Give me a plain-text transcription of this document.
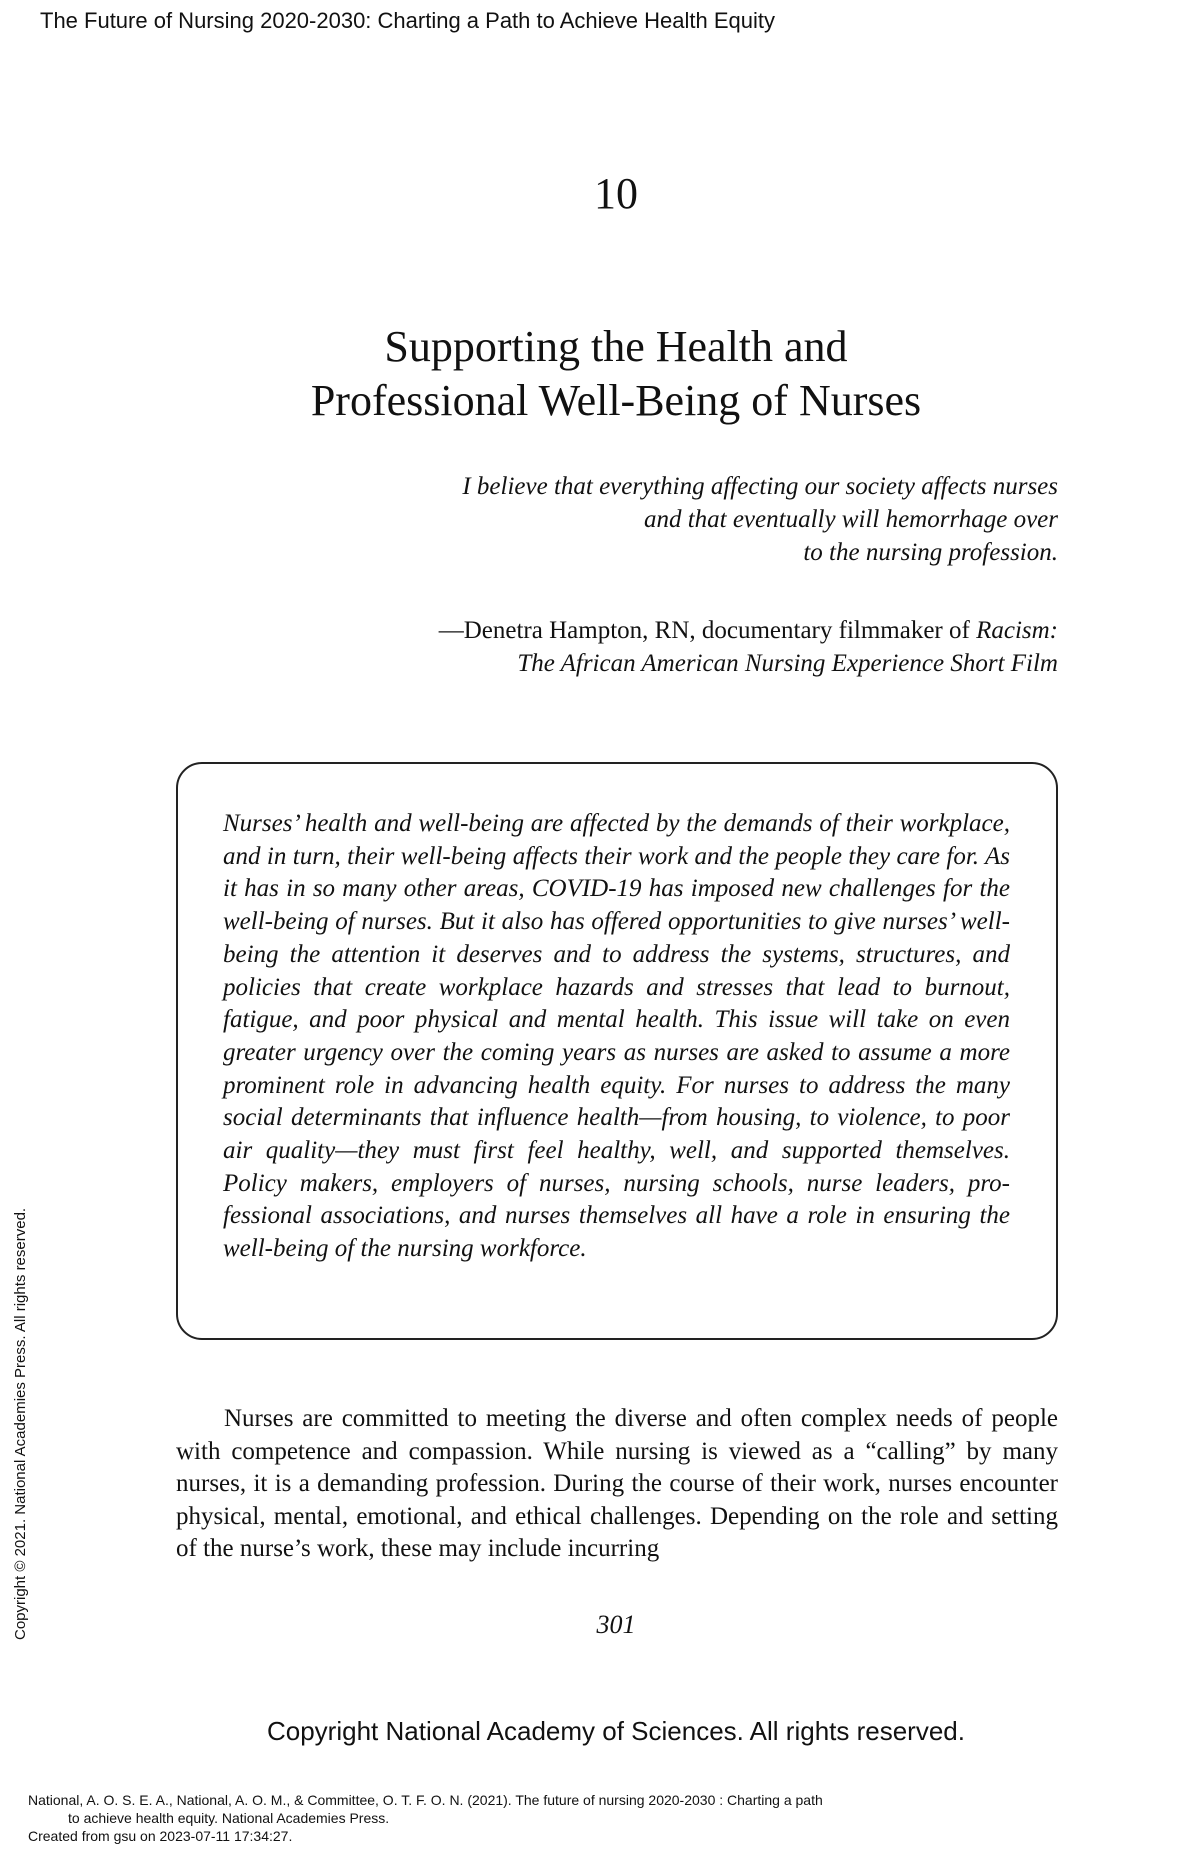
The Future of Nursing 2020-2030: Charting a Path to Achieve Health Equity
10
Supporting the Health and
Professional Well-Being of Nurses
I believe that everything affecting our society affects nurses
and that eventually will hemorrhage over
to the nursing profession.
—Denetra Hampton, RN, documentary filmmaker of Racism:
The African American Nursing Experience Short Film
Nurses’ health and well-being are affected by the demands of their workplace, and in turn, their well-being affects their work and the people they care for. As it has in so many other areas, COVID-19 has imposed new challenges for the well-being of nurses. But it also has offered opportunities to give nurses’ well-being the attention it deserves and to address the systems, structures, and policies that create workplace hazards and stresses that lead to burnout, fatigue, and poor physical and mental health. This issue will take on even greater urgency over the coming years as nurses are asked to assume a more prominent role in advancing health equity. For nurses to address the many social determinants that influence health—from housing, to violence, to poor air quality—they must first feel healthy, well, and supported themselves. Policy makers, employers of nurses, nursing schools, nurse leaders, professional associations, and nurses themselves all have a role in ensuring the well-being of the nursing workforce.
Nurses are committed to meeting the diverse and often complex needs of people with competence and compassion. While nursing is viewed as a “calling” by many nurses, it is a demanding profession. During the course of their work, nurses encounter physical, mental, emotional, and ethical challenges. Depending on the role and setting of the nurse’s work, these may include incurring
301
Copyright National Academy of Sciences. All rights reserved.
Copyright © 2021. National Academies Press. All rights reserved.
National, A. O. S. E. A., National, A. O. M., & Committee, O. T. F. O. N. (2021). The future of nursing 2020-2030 : Charting a path
to achieve health equity. National Academies Press.
Created from gsu on 2023-07-11 17:34:27.
